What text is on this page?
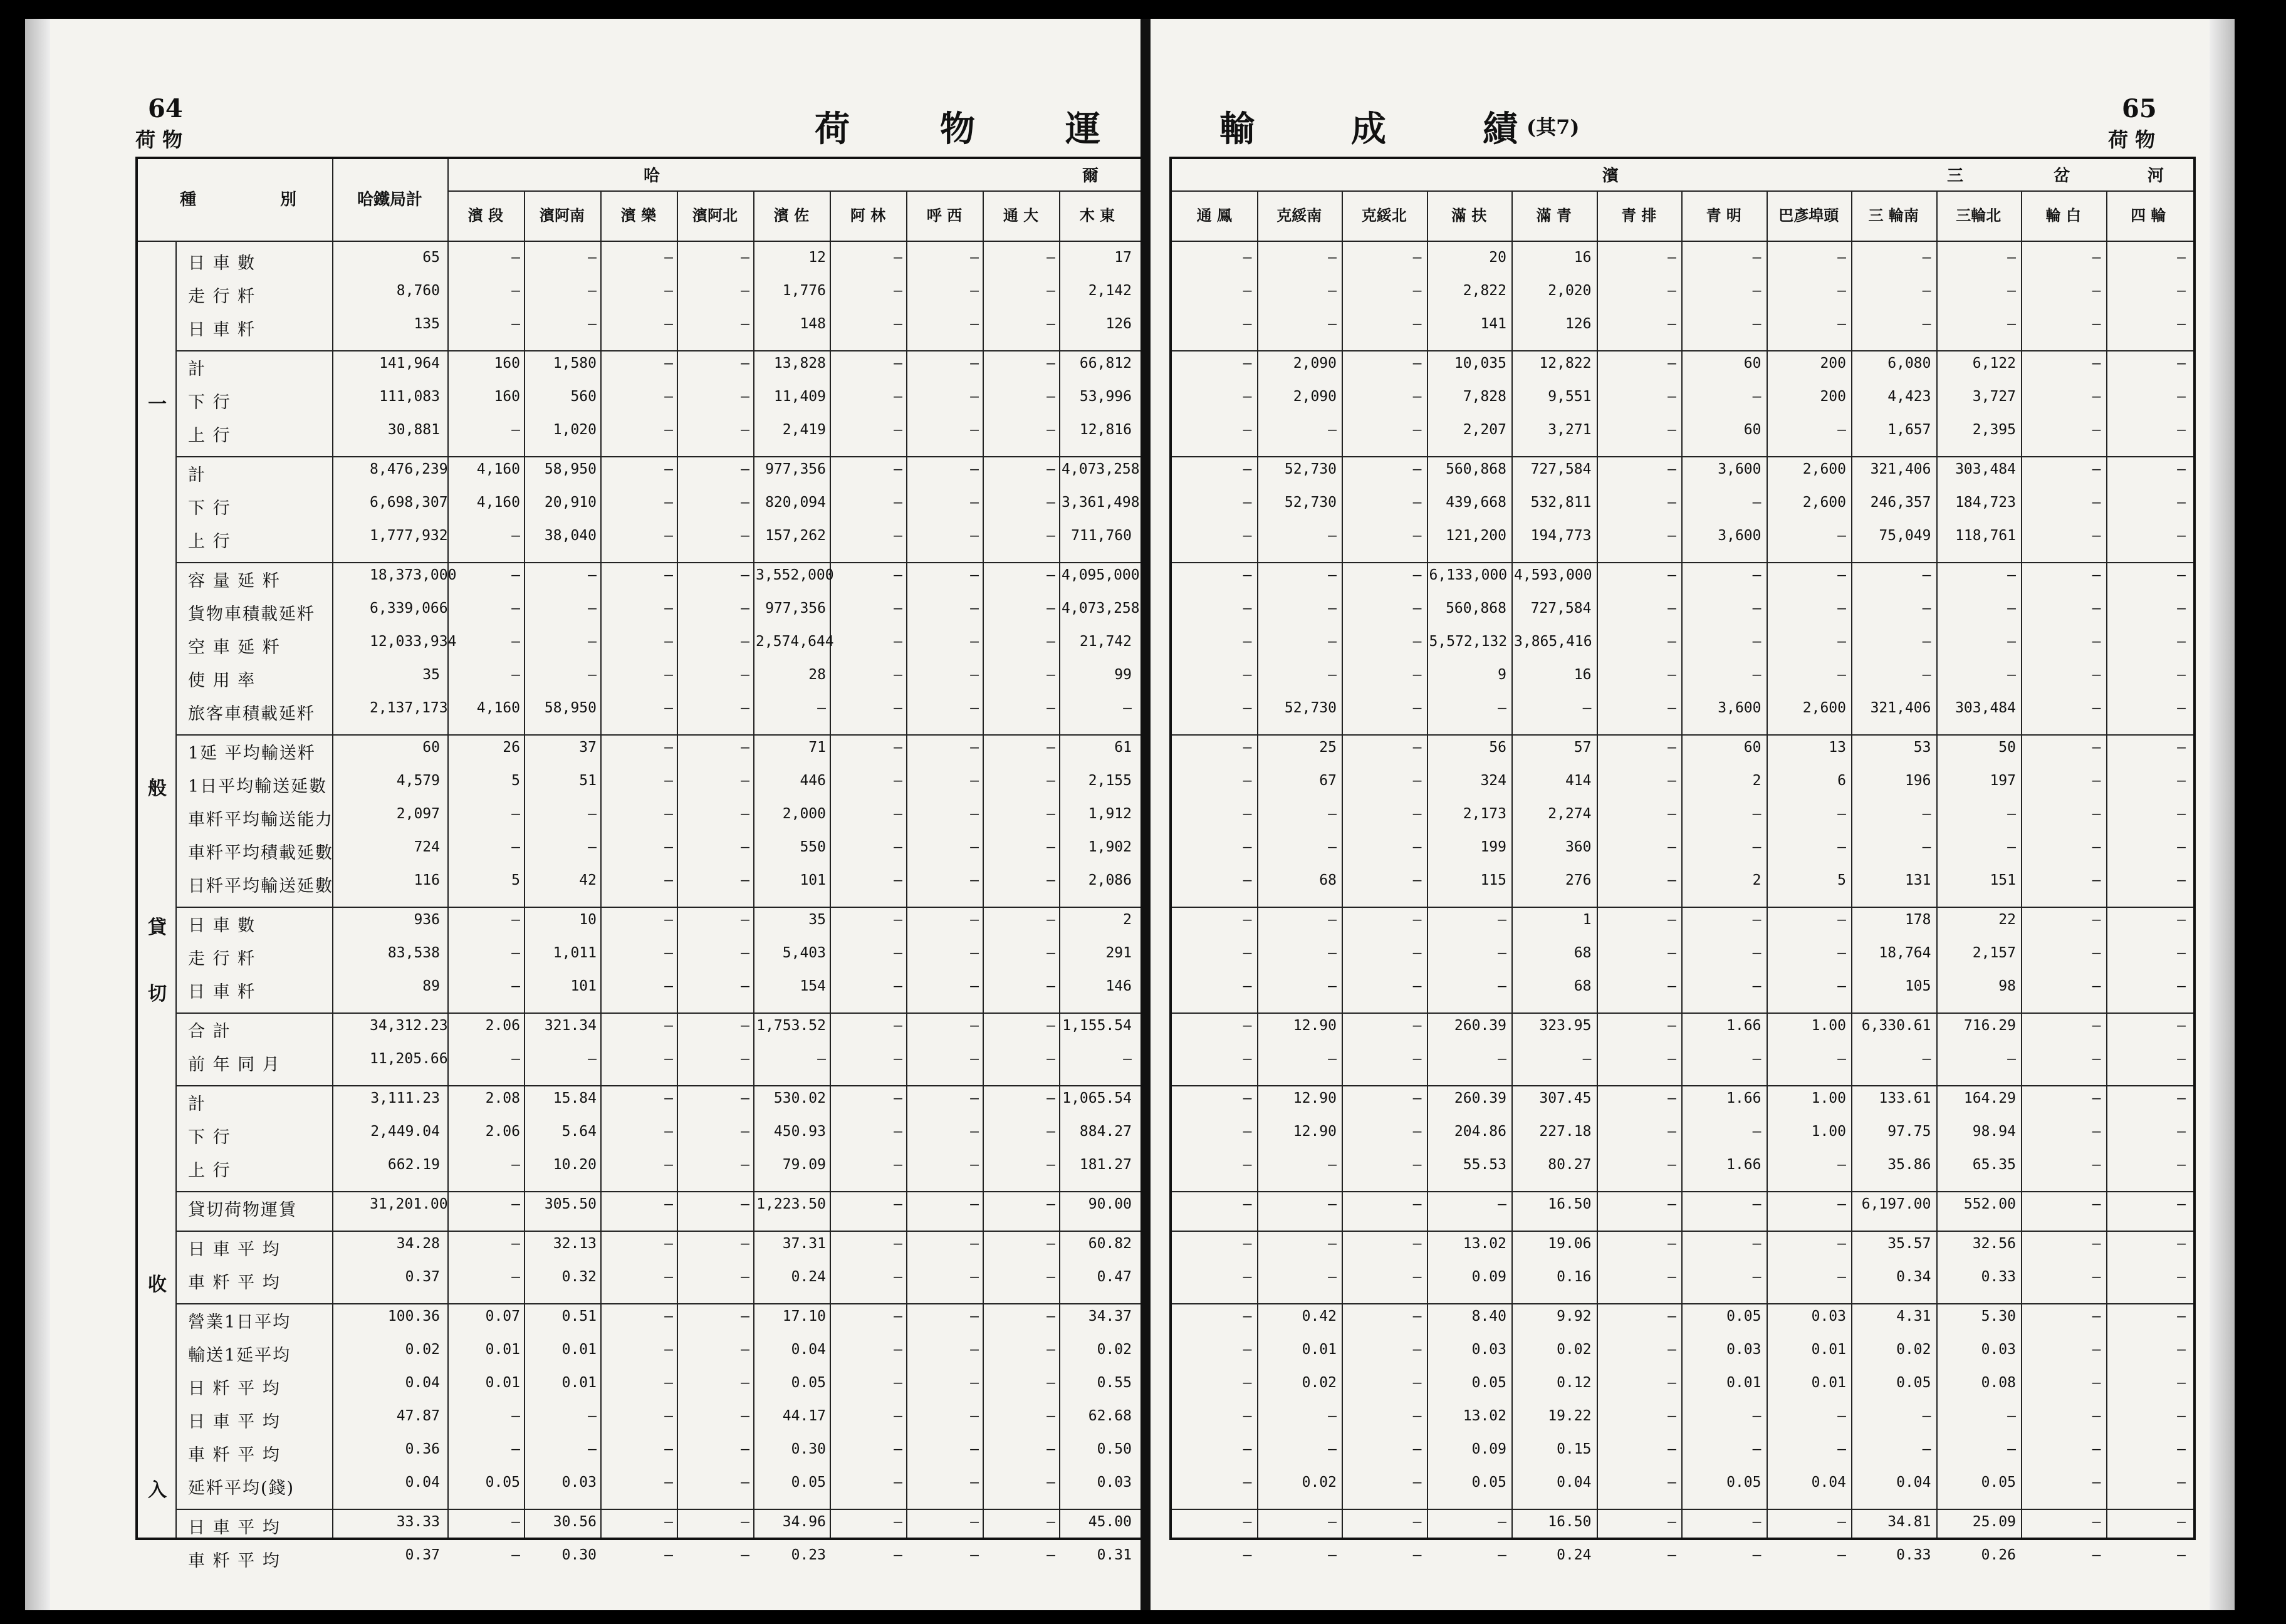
64
荷 物	荷 物 運
種	別	哈鐵局計
哈	爾
濱 段	濱阿南	濱 樂	濱阿北	濱 佐	阿 林	呼 西	通 大	木 東
日 車 數	65	—	—	—	—	12	—	—	—	17
走 行 粁	8,760	—	—	—	—	1,776	—	—	—	2,142
日 車 粁	135	—	—	—	—	148	—	—	—	126
計	141,964	160	1,580	—	—	13,828	—	—	—	66,812
下 行	111,083	160	560	—	—	11,409	—	—	—	53,996
上 行	30,881	—	1,020	—	—	2,419	—	—	—	12,816
計	8,476,239	4,160	58,950	—	—	977,356	—	—	— 4,073,258
下 行	6,698,307	4,160	20,910	—	—	820,094	—	—	— 3,361,498
上 行	1,777,932	—	38,040	—	—	157,262	—	—	—	711,760
容 量 延 粁	18,373,000	—	—	—	— 3,552,000	—	—	— 4,095,000
貨物車積載延粁	6,339,066	—	—	—	—	977,356	—	—	— 4,073,258
空 車 延 粁	12,033,934	—	—	—	— 2,574,644	—	—	—	21,742
使 用 率	35	—	—	—	—	28	—	—	—	99
旅客車積載延粁	2,137,173	4,160	58,950	—	—	—	—	—	—	—
1延 平均輸送粁	60	26	37	—	—	71	—	—	—	61
1日平均輸送延數	4,579	5	51	—	—	446	—	—	—	2,155
車粁平均輸送能力	2,097	—	—	—	—	2,000	—	—	—	1,912
車粁平均積載延數	724	—	—	—	—	550	—	—	—	1,902
日粁平均輸送延數	116	5	42	—	—	101	—	—	—	2,086
日 車 數	936	—	10	—	—	35	—	—	—	2
走 行 粁	83,538	—	1,011	—	—	5,403	—	—	—	291
日 車 粁	89	—	101	—	—	154	—	—	—	146
合 計	34,312.23	2.06	321.34	—	— 1,753.52	—	—	— 1,155.54
前 年 同 月	11,205.66	—	—	—	—	—	—	—	—	—
計	3,111.23	2.08	15.84	—	—	530.02	—	—	— 1,065.54
下 行	2,449.04	2.06	5.64	—	—	450.93	—	—	—	884.27
上 行	662.19	—	10.20	—	—	79.09	—	—	—	181.27
貸切荷物運賃	31,201.00	—	305.50	—	— 1,223.50	—	—	—	90.00
日 車 平 均	34.28	—	32.13	—	—	37.31	—	—	—	60.82
車 粁 平 均	0.37	—	0.32	—	—	0.24	—	—	—	0.47
營業1日平均	100.36	0.07	0.51	—	—	17.10	—	—	—	34.37
輸送1延平均	0.02	0.01	0.01	—	—	0.04	—	—	—	0.02
日 粁 平 均	0.04	0.01	0.01	—	—	0.05	—	—	—	0.55
日 車 平 均	47.87	—	—	—	—	44.17	—	—	—	62.68
車 粁 平 均	0.36	—	—	—	—	0.30	—	—	—	0.50
延粁平均(錢)	0.04	0.05	0.03	—	—	0.05	—	—	—	0.03
日 車 平 均	33.33	—	30.56	—	—	34.96	—	—	—	45.00
車 粁 平 均	0.37	—	0.30	—	—	0.23	—	—	—	0.31
一
般
貸
切
收
入
輸	成	績 (其7)
65
荷 物
濱	三	岔	河
通 鳳	克綏南	克綏北	滿 扶	滿 青	青 排	青 明	巴彥埠頭	三 輪南	三輪北	輪 白	四 輪
—	—	—	20	16	—	—	—	—	—	—	—
—	—	—	2,822	2,020	—	—	—	—	—	—	—
—	—	—	141	126	—	—	—	—	—	—	—
—	2,090	—	10,035	12,822	—	60	200	6,080	6,122	—	—
—	2,090	—	7,828	9,551	—	—	200	4,423	3,727	—	—
—	—	—	2,207	3,271	—	60	—	1,657	2,395	—	—
—	52,730	—	560,868	727,584	—	3,600	2,600	321,406	303,484	—	—
—	52,730	—	439,668	532,811	—	—	2,600	246,357	184,723	—	—
—	—	—	121,200	194,773	—	3,600	—	75,049	118,761	—	—
—	—	— 6,133,000 4,593,000	—	—	—	—	—	—	—
—	—	—	560,868	727,584	—	—	—	—	—	—	—
—	—	— 5,572,132 3,865,416	—	—	—	—	—	—	—
—	—	—	9	16	—	—	—	—	—	—	—
—	52,730	—	—	—	—	3,600	2,600	321,406	303,484	—	—
—	25	—	56	57	—	60	13	53	50	—	—
—	67	—	324	414	—	2	6	196	197	—	—
—	—	—	2,173	2,274	—	—	—	—	—	—	—
—	—	—	199	360	—	—	—	—	—	—	—
—	68	—	115	276	—	2	5	131	151	—	—
—	—	—	—	1	—	—	—	178	22	—	—
—	—	—	—	68	—	—	—	18,764	2,157	—	—
—	—	—	—	68	—	—	—	105	98	—	—
—	12.90	—	260.39	323.95	—	1.66	1.00	6,330.61	716.29	—	—
—	—	—	—	—	—	—	—	—	—	—	—
—	12.90	—	260.39	307.45	—	1.66	1.00	133.61	164.29	—	—
—	12.90	—	204.86	227.18	—	—	1.00	97.75	98.94	—	—
—	—	—	55.53	80.27	—	1.66	—	35.86	65.35	—	—
—	—	—	—	16.50	—	—	—	6,197.00	552.00	—	—
—	—	—	13.02	19.06	—	—	—	35.57	32.56	—	—
—	—	—	0.09	0.16	—	—	—	0.34	0.33	—	—
—	0.42	—	8.40	9.92	—	0.05	0.03	4.31	5.30	—	—
—	0.01	—	0.03	0.02	—	0.03	0.01	0.02	0.03	—	—
—	0.02	—	0.05	0.12	—	0.01	0.01	0.05	0.08	—	—
—	—	—	13.02	19.22	—	—	—	—	—	—	—
—	—	—	0.09	0.15	—	—	—	—	—	—	—
—	0.02	—	0.05	0.04	—	0.05	0.04	0.04	0.05	—	—
—	—	—	—	16.50	—	—	—	34.81	25.09	—	—
—	—	—	—	0.24	—	—	—	0.33	0.26	—	—
